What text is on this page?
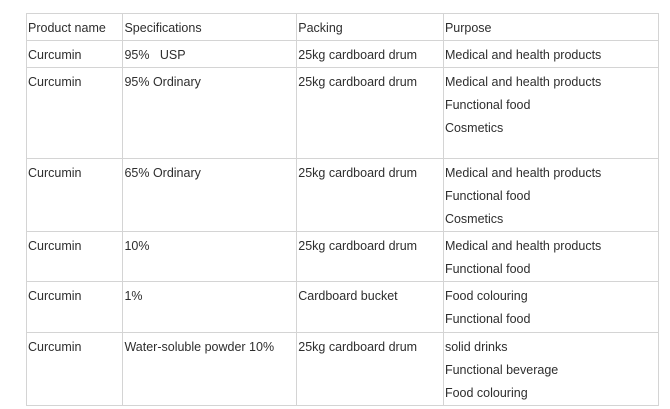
Product name	Specifications	Packing	Purpose
Curcumin	95%   USP	25kg cardboard drum	Medical and health products

Curcumin	95% Ordinary	25kg cardboard drum	Medical and health products
Functional food
Cosmetics

Curcumin	65% Ordinary	25kg cardboard drum	Medical and health products
Functional food
Cosmetics

Curcumin	10%	25kg cardboard drum	Medical and health products
Functional food

Curcumin	1%	Cardboard bucket	Food colouring
Functional food

Curcumin	Water-soluble powder 10%	25kg cardboard drum	solid drinks
Functional beverage
Food colouring
